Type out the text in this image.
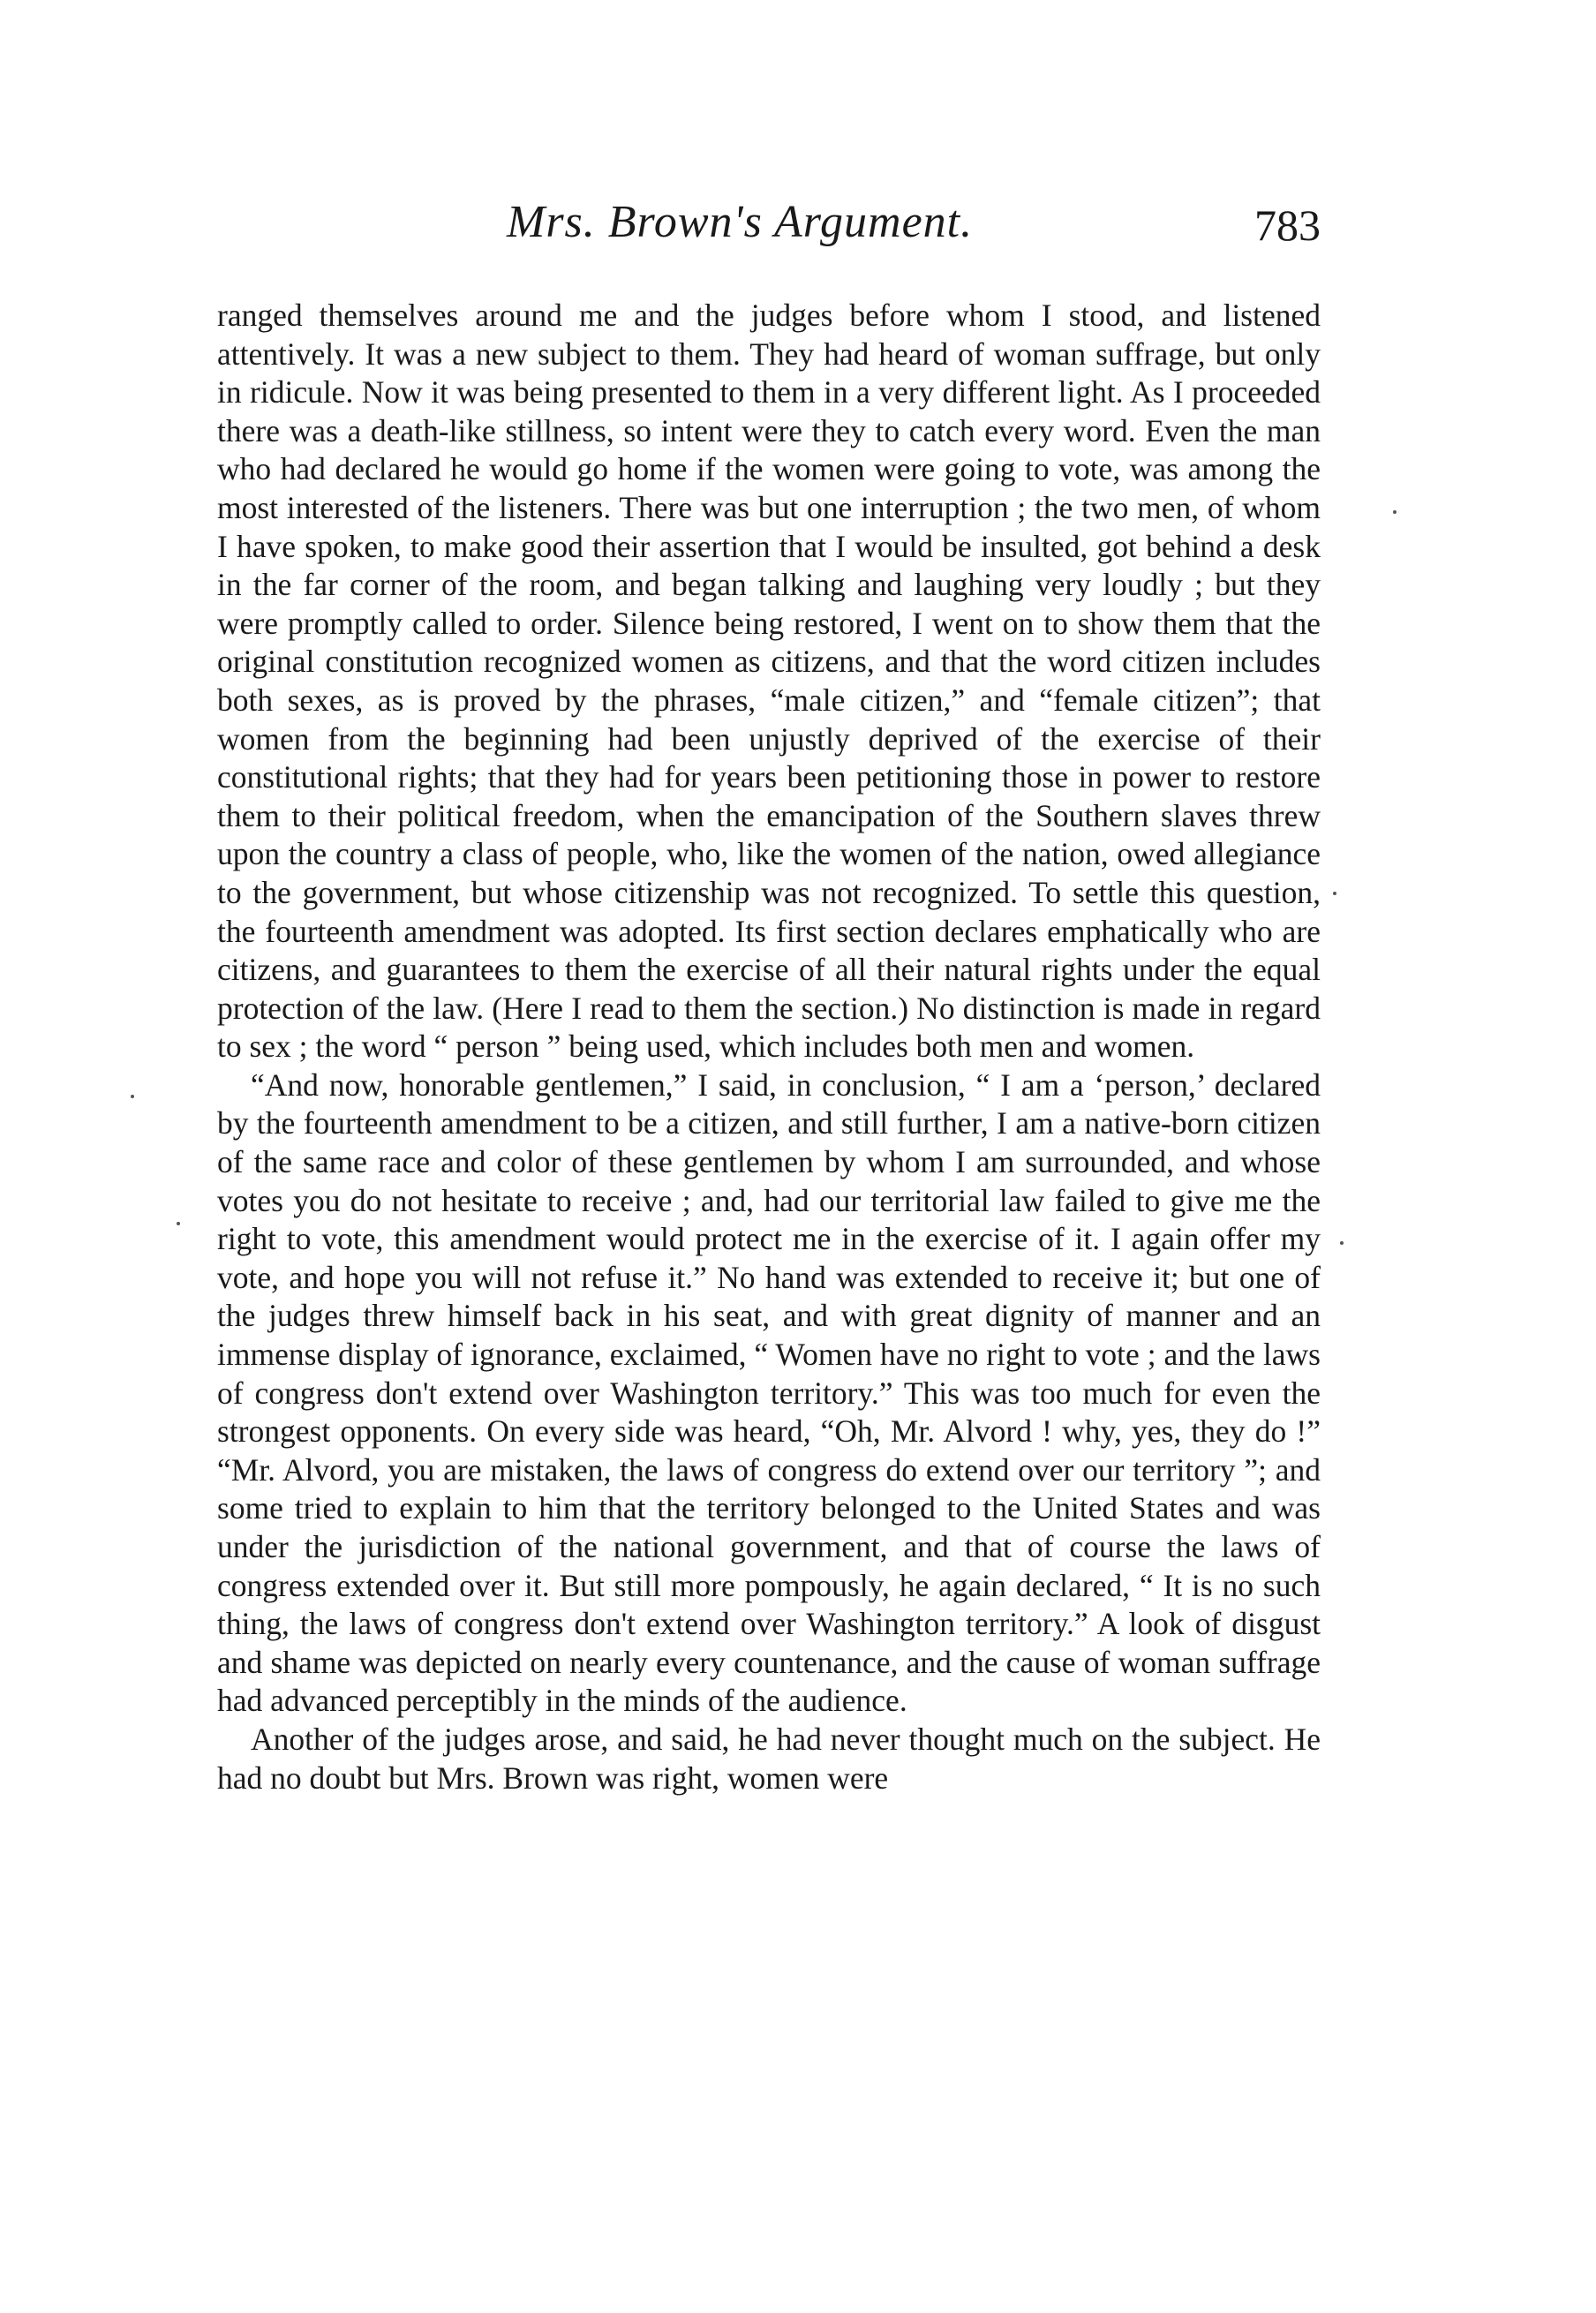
Mrs. Brown's Argument.	783

ranged themselves around me and the judges before whom I stood, and listened attentively. It was a new subject to them. They had heard of woman suffrage, but only in ridicule. Now it was being presented to them in a very different light. As I proceeded there was a death-like stillness, so intent were they to catch every word. Even the man who had declared he would go home if the women were going to vote, was among the most interested of the listeners. There was but one interruption ; the two men, of whom I have spoken, to make good their assertion that I would be insulted, got behind a desk in the far corner of the room, and began talking and laughing very loudly ; but they were promptly called to order. Silence being restored, I went on to show them that the original constitution recognized women as citizens, and that the word citizen includes both sexes, as is proved by the phrases, “male citizen,” and “female citizen”; that women from the beginning had been unjustly deprived of the exercise of their constitutional rights; that they had for years been petitioning those in power to restore them to their political freedom, when the emancipation of the Southern slaves threw upon the country a class of people, who, like the women of the nation, owed allegiance to the government, but whose citizenship was not recognized. To settle this question, the fourteenth amendment was adopted. Its first section declares emphatically who are citizens, and guarantees to them the exercise of all their natural rights under the equal protection of the law. (Here I read to them the section.) No distinction is made in regard to sex ; the word “ person ” being used, which includes both men and women.

“And now, honorable gentlemen,” I said, in conclusion, “ I am a ‘person,’ declared by the fourteenth amendment to be a citizen, and still further, I am a native-born citizen of the same race and color of these gentlemen by whom I am surrounded, and whose votes you do not hesitate to receive ; and, had our territorial law failed to give me the right to vote, this amendment would protect me in the exercise of it. I again offer my vote, and hope you will not refuse it.” No hand was extended to receive it; but one of the judges threw himself back in his seat, and with great dignity of manner and an immense display of ignorance, exclaimed, “ Women have no right to vote ; and the laws of congress don't extend over Washington territory.” This was too much for even the strongest opponents. On every side was heard, “Oh, Mr. Alvord ! why, yes, they do !” “Mr. Alvord, you are mistaken, the laws of congress do extend over our territory ”; and some tried to explain to him that the territory belonged to the United States and was under the jurisdiction of the national government, and that of course the laws of congress extended over it. But still more pompously, he again declared, “ It is no such thing, the laws of congress don't extend over Washington territory.” A look of disgust and shame was depicted on nearly every countenance, and the cause of woman suffrage had advanced perceptibly in the minds of the audience.

Another of the judges arose, and said, he had never thought much on the subject. He had no doubt but Mrs. Brown was right, women were
